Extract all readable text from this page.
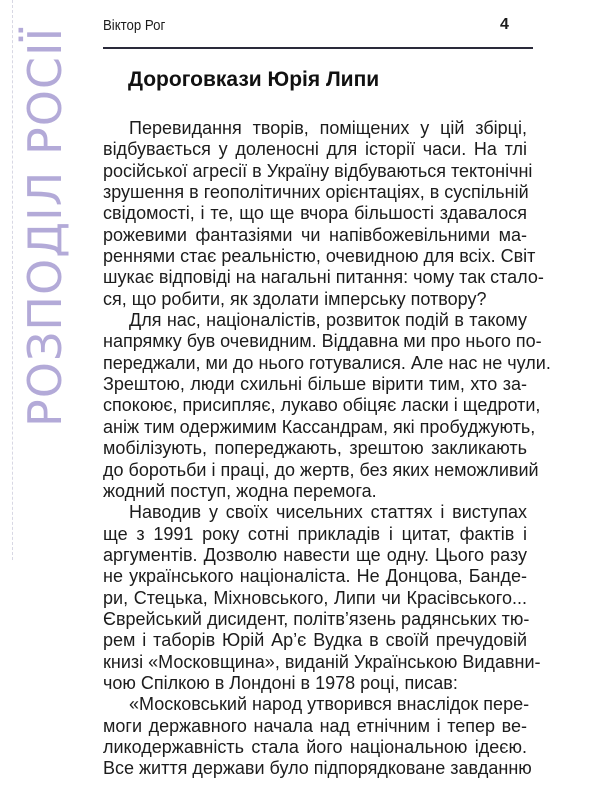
РОЗПОДІЛ РОСІЇ
Віктор Рог	4
Дороговкази Юрія Липи
Перевидання творів, поміщених у цій збірці,
відбувається у доленосні для історії часи. На тлі
російської агресії в Україну відбуваються тектонічні
зрушення в геополітичних орієнтаціях, в суспільній
свідомості, і те, що ще вчора більшості здавалося
рожевими фантазіями чи напівбожевільними ма-
реннями стає реальністю, очевидною для всіх. Світ
шукає відповіді на нагальні питання: чому так стало-
ся, що робити, як здолати імперську потвору?
Для нас, націоналістів, розвиток подій в такому
напрямку був очевидним. Віддавна ми про нього по-
переджали, ми до нього готувалися. Але нас не чули.
Зрештою, люди схильні більше вірити тим, хто за-
спокоює, присипляє, лукаво обіцяє ласки і щедроти,
аніж тим одержимим Кассандрам, які пробуджують,
мобілізують, попереджають, зрештою закликають
до боротьби і праці, до жертв, без яких неможливий
жодний поступ, жодна перемога.
Наводив у своїх чисельних статтях і виступах
ще з 1991 року сотні прикладів і цитат, фактів і
аргументів. Дозволю навести ще одну. Цього разу
не українського націоналіста. Не Донцова, Банде-
ри, Стецька, Міхновського, Липи чи Красівського...
Єврейський дисидент, політв’язень радянських тю-
рем і таборів Юрій Ар’є Вудка в своїй пречудовій
книзі «Московщина», виданій Українською Видавни-
чою Спілкою в Лондоні в 1978 році, писав:
«Московський народ утворився внаслідок пере-
моги державного начала над етнічним і тепер ве-
ликодержавність стала його національною ідеєю.
Все життя держави було підпорядковане завданню
